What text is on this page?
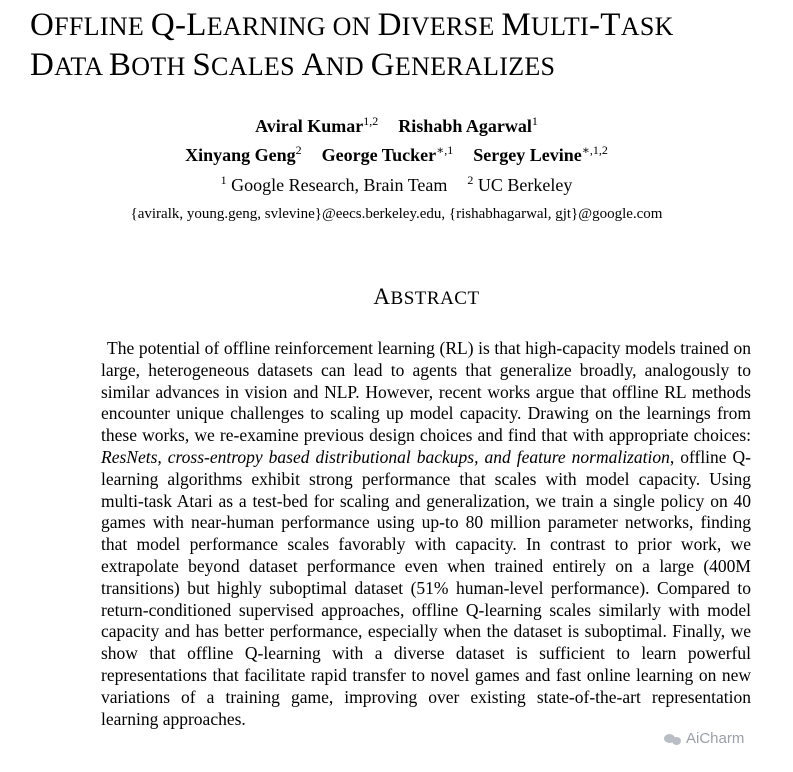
OFFLINE Q-LEARNING ON DIVERSE MULTI-TASK
DATA BOTH SCALES AND GENERALIZES
Aviral Kumar$^{1,2}$ Rishabh Agarwal$^1$
Xinyang Geng$^2$ George Tucker$^{∗,1}$ Sergey Levine$^{∗,1,2}$
$^1$ Google Research, Brain Team $^2$ UC Berkeley
{aviralk, young.geng, svlevine}@eecs.berkeley.edu, {rishabhagarwal, gjt}@google.com
ABSTRACT

The potential of offline reinforcement learning (RL) is that high-capacity models trained on large, heterogeneous datasets can lead to agents that generalize broadly, analogously to similar advances in vision and NLP. However, recent works argue that offline RL methods encounter unique challenges to scaling up model capacity. Drawing on the learnings from these works, we re-examine previous design choices and find that with appropriate choices: ResNets, cross-entropy based distributional backups, and feature normalization, offline Q-learning algorithms exhibit strong performance that scales with model capacity. Using multi-task Atari as a test-bed for scaling and generalization, we train a single policy on 40 games with near-human performance using up-to 80 million parameter networks, finding that model performance scales favorably with capacity. In contrast to prior work, we extrapolate beyond dataset performance even when trained entirely on a large (400M transitions) but highly suboptimal dataset (51% human-level performance). Compared to return-conditioned supervised approaches, offline Q-learning scales similarly with model capacity and has better performance, especially when the dataset is suboptimal. Finally, we show that offline Q-learning with a diverse dataset is sufficient to learn powerful representations that facilitate rapid transfer to novel games and fast online learning on new variations of a training game, improving over existing state-of-the-art representation learning approaches.

AiCharm
